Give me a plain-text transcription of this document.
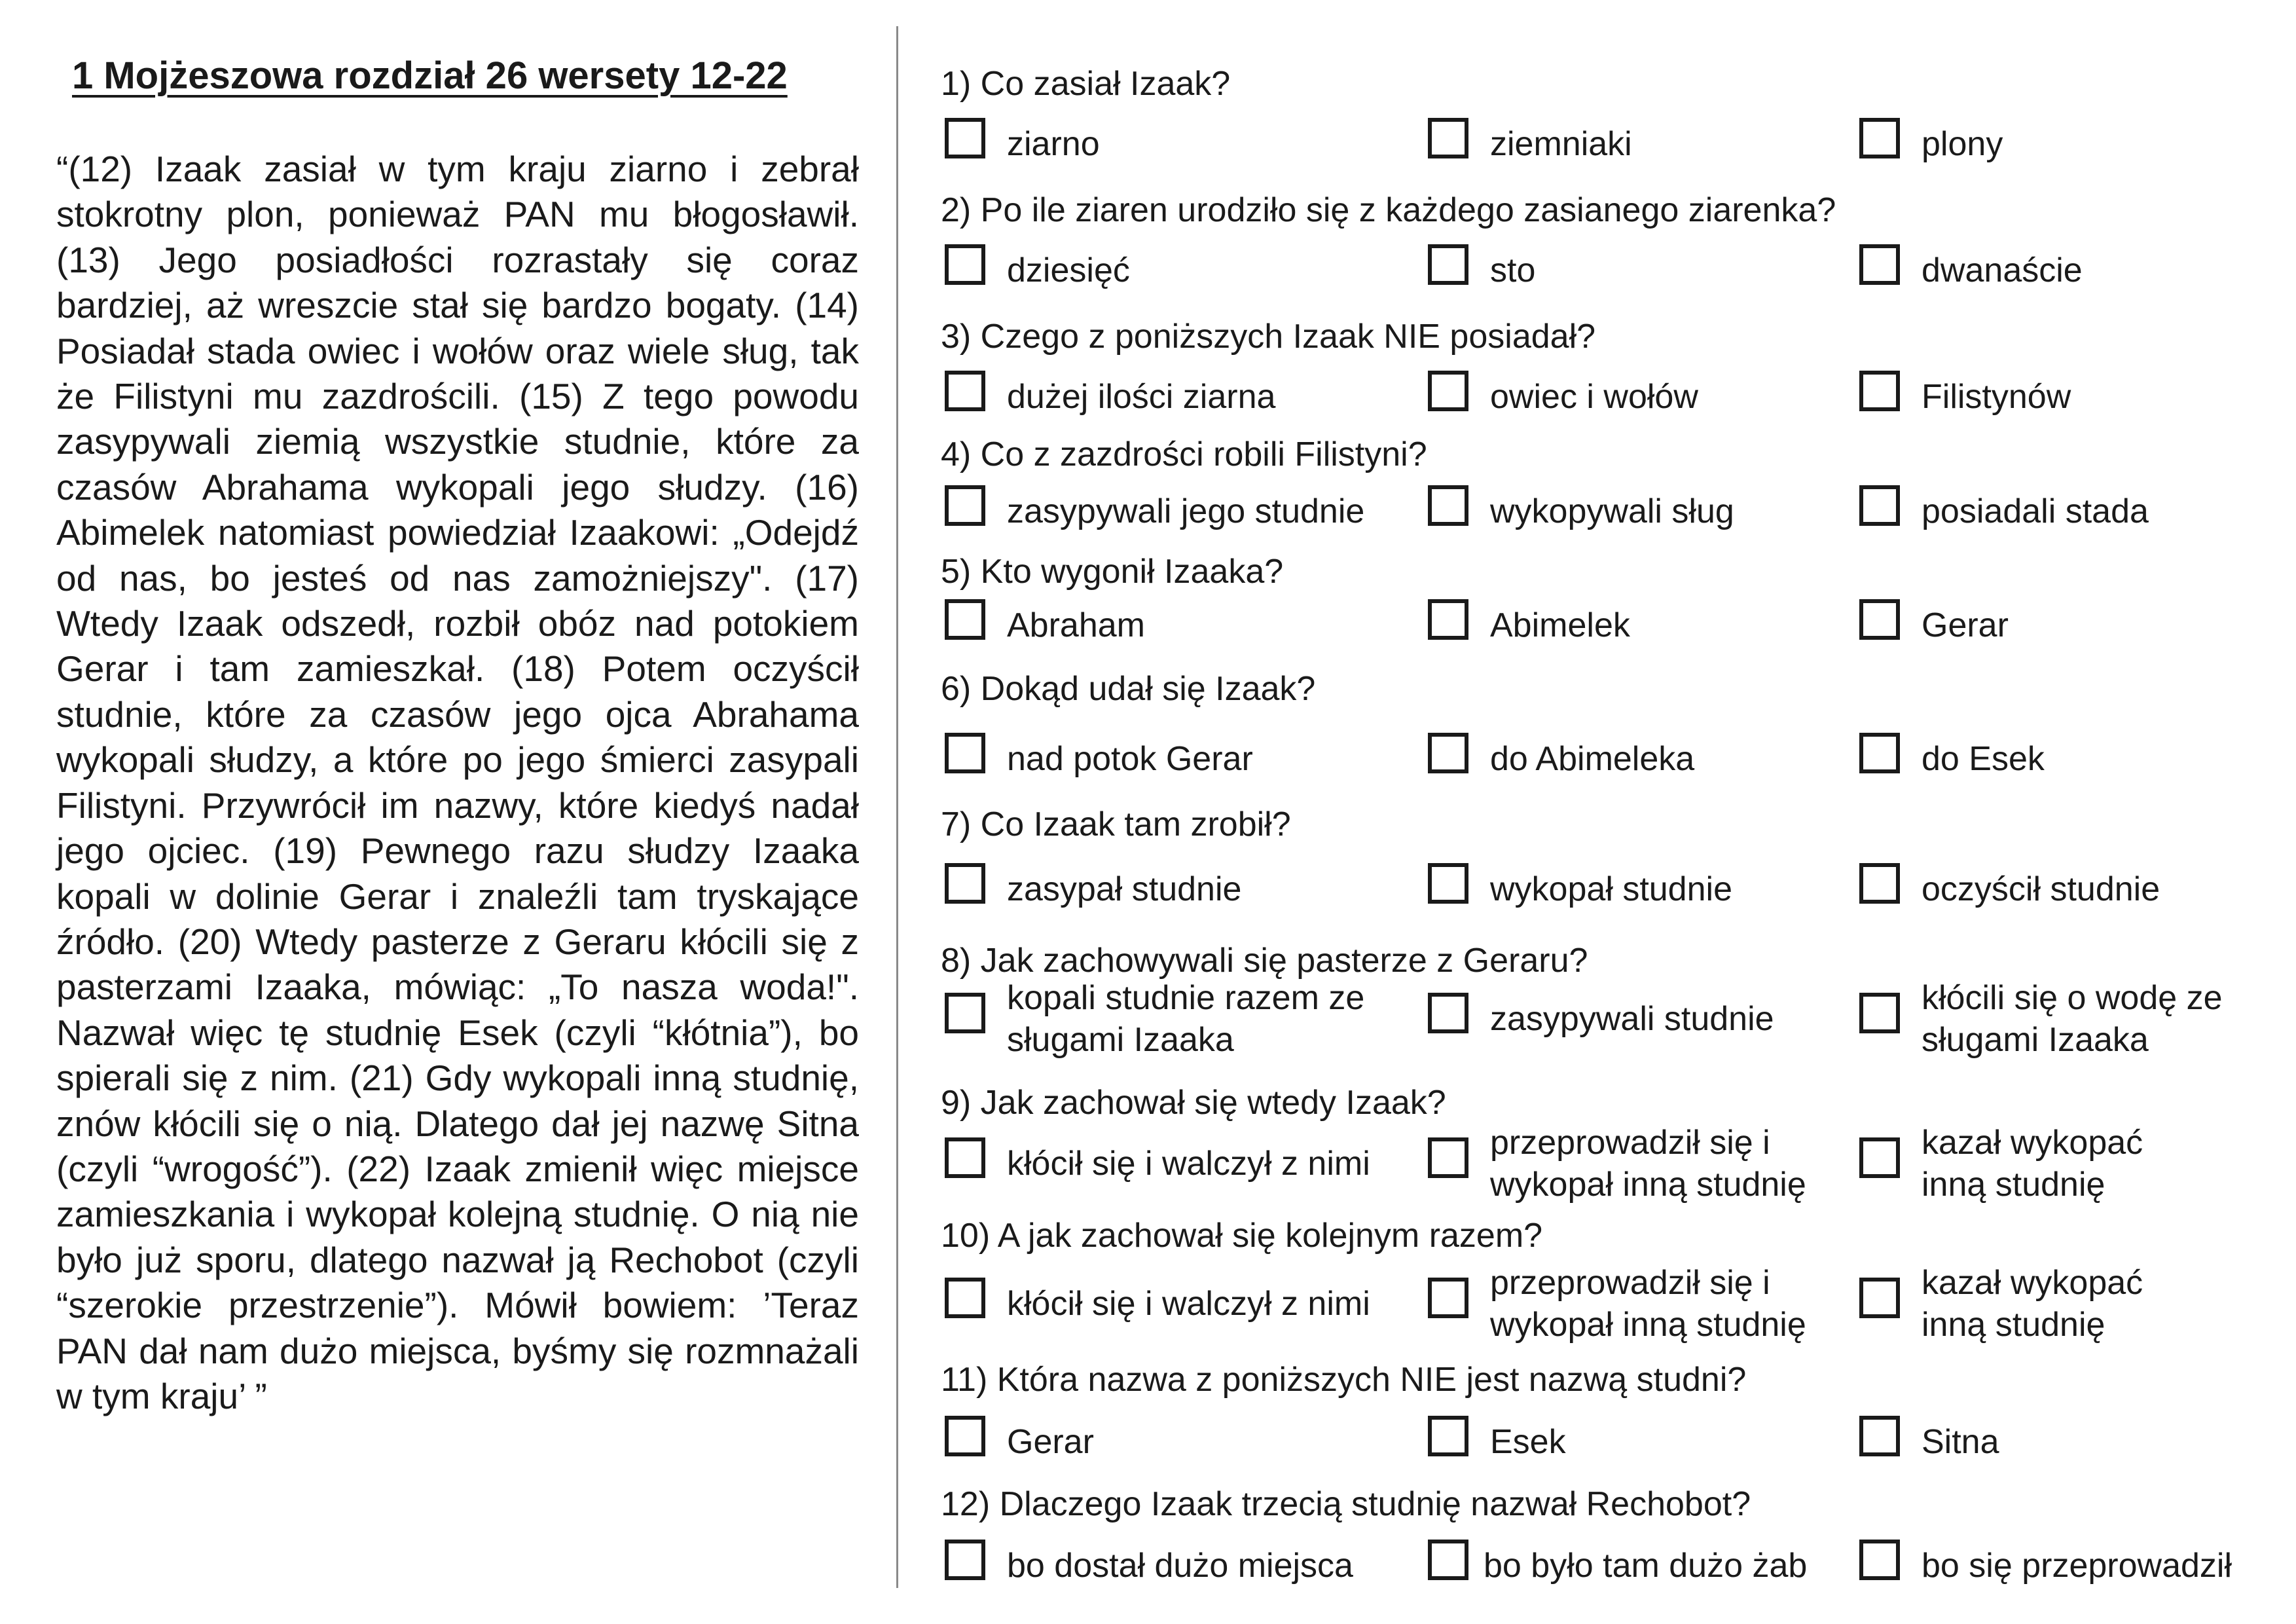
1 Mojżeszowa rozdział 26 wersety 12-22
“(12) Izaak zasiał w tym kraju ziarno i zebrał stokrotny plon, ponieważ PAN mu błogosławił. (13) Jego posiadłości rozrastały się coraz bardziej, aż wreszcie stał się bardzo bogaty. (14) Posiadał stada owiec i wołów oraz wiele sług, tak że Filistyni mu zazdrościli. (15) Z tego powodu zasypywali ziemią wszystkie studnie, które za czasów Abrahama wykopali jego słudzy. (16) Abimelek natomiast powiedział Izaakowi: „Odejdź od nas, bo jesteś od nas zamożniejszy". (17) Wtedy Izaak odszedł, rozbił obóz nad potokiem Gerar i tam zamieszkał. (18) Potem oczyścił studnie, które za czasów jego ojca Abrahama wykopali słudzy, a które po jego śmierci zasypali Filistyni. Przywrócił im nazwy, które kiedyś nadał jego ojciec. (19) Pewnego razu słudzy Izaaka kopali w dolinie Gerar i znaleźli tam tryskające źródło. (20) Wtedy pasterze z Geraru kłócili się z pasterzami Izaaka, mówiąc: „To nasza woda!". Nazwał więc tę studnię Esek (czyli “kłótnia”), bo spierali się z nim. (21) Gdy wykopali inną studnię, znów kłócili się o nią. Dlatego dał jej nazwę Sitna (czyli “wrogość”). (22) Izaak zmienił więc miejsce zamieszkania i wykopał kolejną studnię. O nią nie było już sporu, dlatego nazwał ją Rechobot (czyli “szerokie przestrzenie”). Mówił bowiem: ’Teraz PAN dał nam dużo miejsca, byśmy się rozmnażali w tym kraju’ ”
1) Co zasiał Izaak?
ziarno	ziemniaki	plony
2) Po ile ziaren urodziło się z każdego zasianego ziarenka?
dziesięć	sto	dwanaście
3) Czego z poniższych Izaak NIE posiadał?
dużej ilości ziarna	owiec i wołów	Filistynów
4) Co z zazdrości robili Filistyni?
zasypywali jego studnie	wykopywali sług	posiadali stada
5) Kto wygonił Izaaka?
Abraham	Abimelek	Gerar
6) Dokąd udał się Izaak?
nad potok Gerar	do Abimeleka	do Esek
7) Co Izaak tam zrobił?
zasypał studnie	wykopał studnie	oczyścił studnie
8) Jak zachowywali się pasterze z Geraru?
kopali studnie razem ze sługami Izaaka
zasypywali studnie
kłócili się o wodę ze sługami Izaaka
9) Jak zachował się wtedy Izaak?
kłócił się i walczył z nimi
przeprowadził się i wykopał inną studnię
kazał wykopać inną studnię
10) A jak zachował się kolejnym razem?
kłócił się i walczył z nimi
przeprowadził się i wykopał inną studnię
kazał wykopać inną studnię
11) Która nazwa z poniższych NIE jest nazwą studni?
Gerar	Esek	Sitna
12) Dlaczego Izaak trzecią studnię nazwał Rechobot?
bo dostał dużo miejsca	bo było tam dużo żab	bo się przeprowadził
